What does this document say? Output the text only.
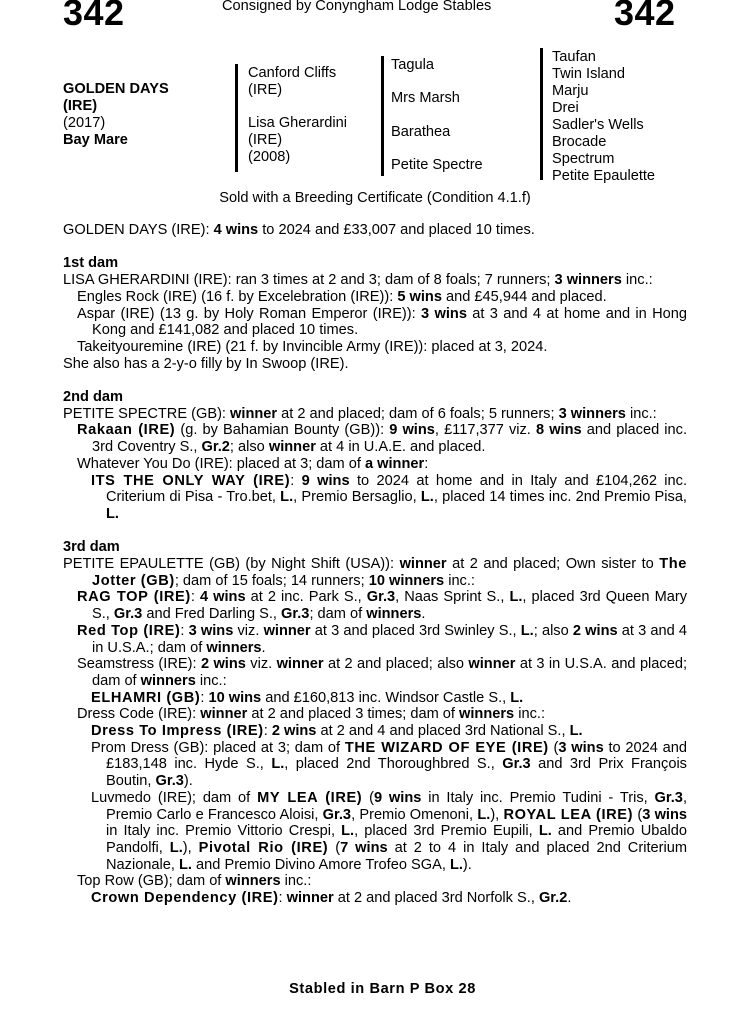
342	Consigned by Conyngham Lodge Stables	342
GOLDEN DAYS
(IRE)
(2017)
Bay Mare
Canford Cliffs
(IRE)
Lisa Gherardini
(IRE)
(2008)
Tagula
Mrs Marsh
Barathea
Petite Spectre
Taufan
Twin Island
Marju
Drei
Sadler's Wells
Brocade
Spectrum
Petite Epaulette
Sold with a Breeding Certificate (Condition 4.1.f)
GOLDEN DAYS (IRE): 4 wins to 2024 and £33,007 and placed 10 times.
1st dam
LISA GHERARDINI (IRE): ran 3 times at 2 and 3; dam of 8 foals; 7 runners; 3 winners inc.:
Engles Rock (IRE) (16 f. by Excelebration (IRE)): 5 wins and £45,944 and placed.
Aspar (IRE) (13 g. by Holy Roman Emperor (IRE)): 3 wins at 3 and 4 at home and in Hong Kong and £141,082 and placed 10 times.
Takeityouremine (IRE) (21 f. by Invincible Army (IRE)): placed at 3, 2024.
She also has a 2-y-o filly by In Swoop (IRE).
2nd dam
PETITE SPECTRE (GB): winner at 2 and placed; dam of 6 foals; 5 runners; 3 winners inc.:
Rakaan (IRE) (g. by Bahamian Bounty (GB)): 9 wins, £117,377 viz. 8 wins and placed inc. 3rd Coventry S., Gr.2; also winner at 4 in U.A.E. and placed.
Whatever You Do (IRE): placed at 3; dam of a winner:
ITS THE ONLY WAY (IRE): 9 wins to 2024 at home and in Italy and £104,262 inc. Criterium di Pisa - Tro.bet, L., Premio Bersaglio, L., placed 14 times inc. 2nd Premio Pisa, L.
3rd dam
PETITE EPAULETTE (GB) (by Night Shift (USA)): winner at 2 and placed; Own sister to The Jotter (GB); dam of 15 foals; 14 runners; 10 winners inc.:
RAG TOP (IRE): 4 wins at 2 inc. Park S., Gr.3, Naas Sprint S., L., placed 3rd Queen Mary S., Gr.3 and Fred Darling S., Gr.3; dam of winners.
Red Top (IRE): 3 wins viz. winner at 3 and placed 3rd Swinley S., L.; also 2 wins at 3 and 4 in U.S.A.; dam of winners.
Seamstress (IRE): 2 wins viz. winner at 2 and placed; also winner at 3 in U.S.A. and placed; dam of winners inc.:
ELHAMRI (GB): 10 wins and £160,813 inc. Windsor Castle S., L.
Dress Code (IRE): winner at 2 and placed 3 times; dam of winners inc.:
Dress To Impress (IRE): 2 wins at 2 and 4 and placed 3rd National S., L.
Prom Dress (GB): placed at 3; dam of THE WIZARD OF EYE (IRE) (3 wins to 2024 and £183,148 inc. Hyde S., L., placed 2nd Thoroughbred S., Gr.3 and 3rd Prix François Boutin, Gr.3).
Luvmedo (IRE); dam of MY LEA (IRE) (9 wins in Italy inc. Premio Tudini - Tris, Gr.3, Premio Carlo e Francesco Aloisi, Gr.3, Premio Omenoni, L.), ROYAL LEA (IRE) (3 wins in Italy inc. Premio Vittorio Crespi, L., placed 3rd Premio Eupili, L. and Premio Ubaldo Pandolfi, L.), Pivotal Rio (IRE) (7 wins at 2 to 4 in Italy and placed 2nd Criterium Nazionale, L. and Premio Divino Amore Trofeo SGA, L.).
Top Row (GB); dam of winners inc.:
Crown Dependency (IRE): winner at 2 and placed 3rd Norfolk S., Gr.2.
Stabled in Barn P Box 28
